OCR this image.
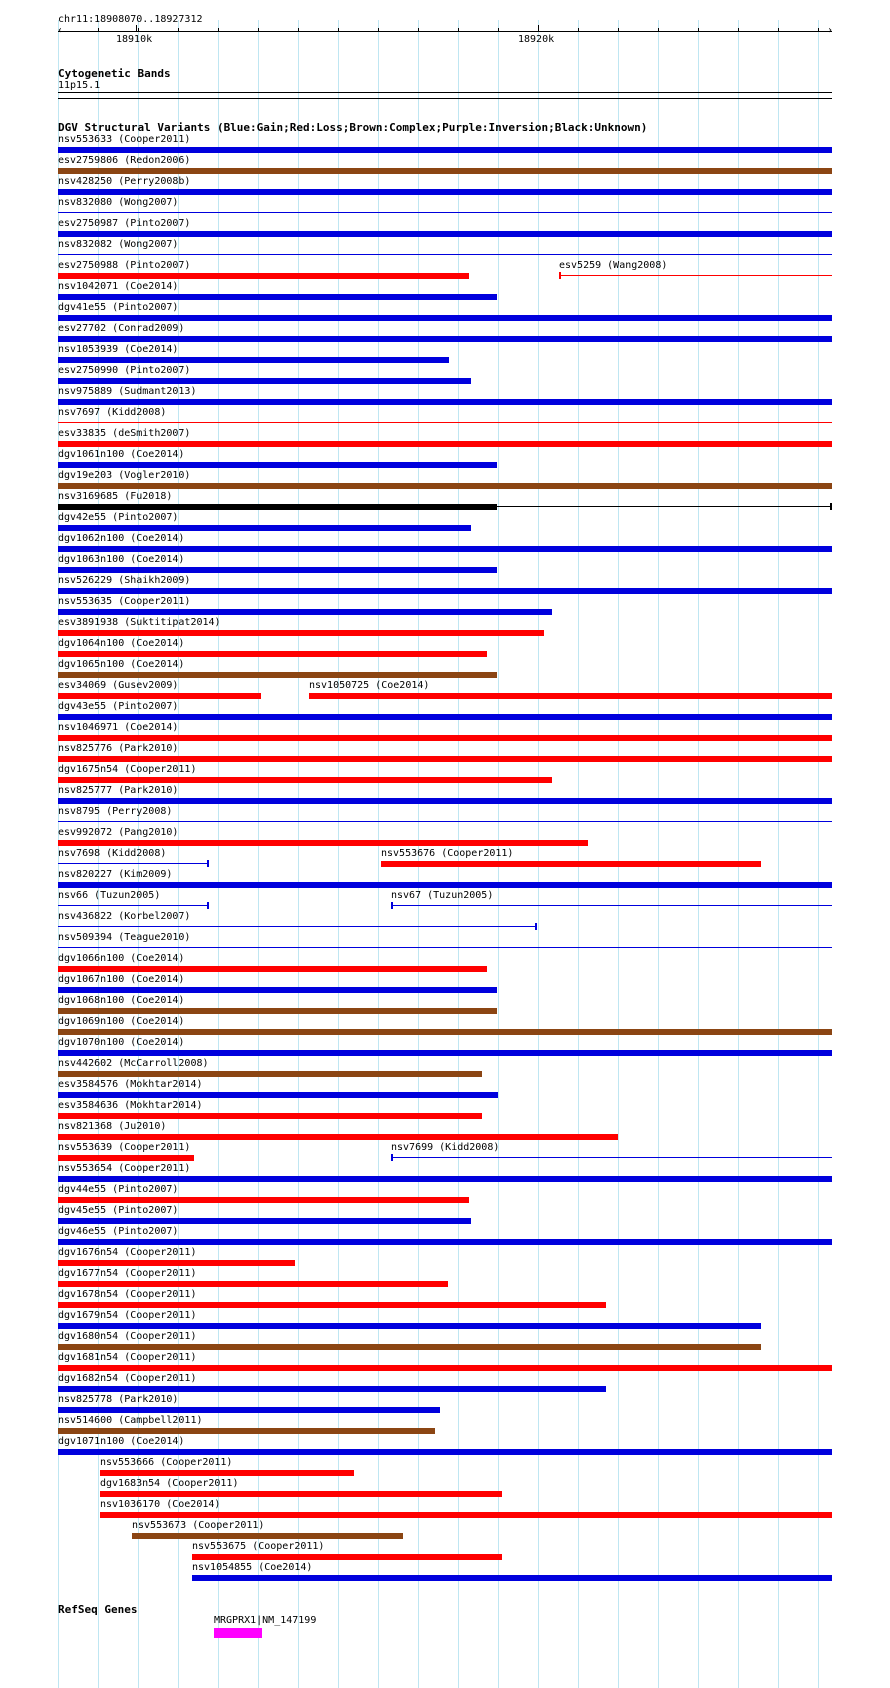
chr11:18908070..18927312
‹	›
18910k	18920k
Cytogenetic Bands
11p15.1
DGV Structural Variants (Blue:Gain;Red:Loss;Brown:Complex;Purple:Inversion;Black:Unknown)
nsv553633 (Cooper2011)
esv2759806 (Redon2006)
nsv428250 (Perry2008b)
nsv832080 (Wong2007)
esv2750987 (Pinto2007)
nsv832082 (Wong2007)
esv2750988 (Pinto2007)	esv5259 (Wang2008)
nsv1042071 (Coe2014)
dgv41e55 (Pinto2007)
esv27702 (Conrad2009)
nsv1053939 (Coe2014)
esv2750990 (Pinto2007)
nsv975889 (Sudmant2013)
nsv7697 (Kidd2008)
esv33835 (deSmith2007)
dgv1061n100 (Coe2014)
dgv19e203 (Vogler2010)
nsv3169685 (Fu2018)
dgv42e55 (Pinto2007)
dgv1062n100 (Coe2014)
dgv1063n100 (Coe2014)
nsv526229 (Shaikh2009)
nsv553635 (Cooper2011)
esv3891938 (Suktitipat2014)
dgv1064n100 (Coe2014)
dgv1065n100 (Coe2014)
esv34069 (Gusev2009)	nsv1050725 (Coe2014)
dgv43e55 (Pinto2007)
nsv1046971 (Coe2014)
nsv825776 (Park2010)
dgv1675n54 (Cooper2011)
nsv825777 (Park2010)
nsv8795 (Perry2008)
esv992072 (Pang2010)
nsv7698 (Kidd2008)	nsv553676 (Cooper2011)
nsv820227 (Kim2009)
nsv66 (Tuzun2005)	nsv67 (Tuzun2005)
nsv436822 (Korbel2007)
nsv509394 (Teague2010)
dgv1066n100 (Coe2014)
dgv1067n100 (Coe2014)
dgv1068n100 (Coe2014)
dgv1069n100 (Coe2014)
dgv1070n100 (Coe2014)
nsv442602 (McCarroll2008)
esv3584576 (Mokhtar2014)
esv3584636 (Mokhtar2014)
nsv821368 (Ju2010)
nsv553639 (Cooper2011)	nsv7699 (Kidd2008)
nsv553654 (Cooper2011)
dgv44e55 (Pinto2007)
dgv45e55 (Pinto2007)
dgv46e55 (Pinto2007)
dgv1676n54 (Cooper2011)
dgv1677n54 (Cooper2011)
dgv1678n54 (Cooper2011)
dgv1679n54 (Cooper2011)
dgv1680n54 (Cooper2011)
dgv1681n54 (Cooper2011)
dgv1682n54 (Cooper2011)
nsv825778 (Park2010)
nsv514600 (Campbell2011)
dgv1071n100 (Coe2014)
nsv553666 (Cooper2011)
dgv1683n54 (Cooper2011)
nsv1036170 (Coe2014)
nsv553673 (Cooper2011)
nsv553675 (Cooper2011)
nsv1054855 (Coe2014)
RefSeq Genes
MRGPRX1|NM_147199
